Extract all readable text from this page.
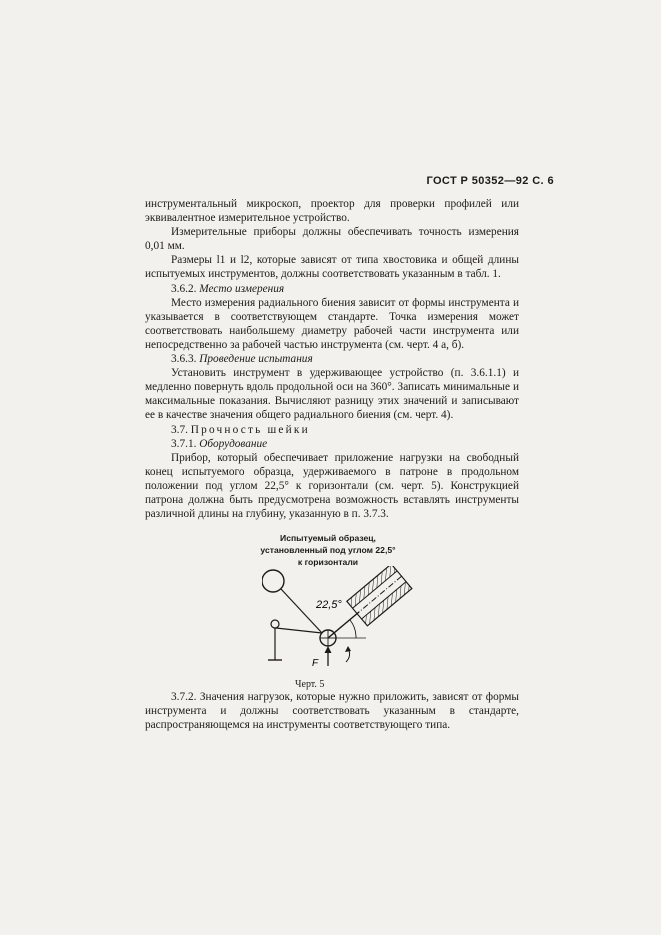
ГОСТ Р 50352—92 С. 6

инструментальный микроскоп, проектор для проверки профилей или эквивалентное измерительное устройство.

Измерительные приборы должны обеспечивать точность измерения 0,01 мм.

Размеры l1 и l2, которые зависят от типа хвостовика и общей длины испытуемых инструментов, должны соответствовать указанным в табл. 1.

3.6.2. Место измерения

Место измерения радиального биения зависит от формы инструмента и указывается в соответствующем стандарте. Точка измерения может соответствовать наибольшему диаметру рабочей части инструмента или непосредственно за рабочей частью инструмента (см. черт. 4 а, б).

3.6.3. Проведение испытания

Установить инструмент в удерживающее устройство (п. 3.6.1.1) и медленно повернуть вдоль продольной оси на 360°. Записать минимальные и максимальные показания. Вычисляют разницу этих значений и записывают ее в качестве значения общего радиального биения (см. черт. 4).

3.7. Прочность шейки

3.7.1. Оборудование

Прибор, который обеспечивает приложение нагрузки на свободный конец испытуемого образца, удерживаемого в патроне в продольном положении под углом 22,5° к горизонтали (см. черт. 5). Конструкцией патрона должна быть предусмотрена возможность вставлять инструменты различной длины на глубину, указанную в п. 3.7.3.

Испытуемый образец, установленный под углом 22,5° к горизонтали
22,5°
F
Черт. 5

3.7.2. Значения нагрузок, которые нужно приложить, зависят от формы инструмента и должны соответствовать указанным в стандарте, распространяющемся на инструменты соответствующего типа.
